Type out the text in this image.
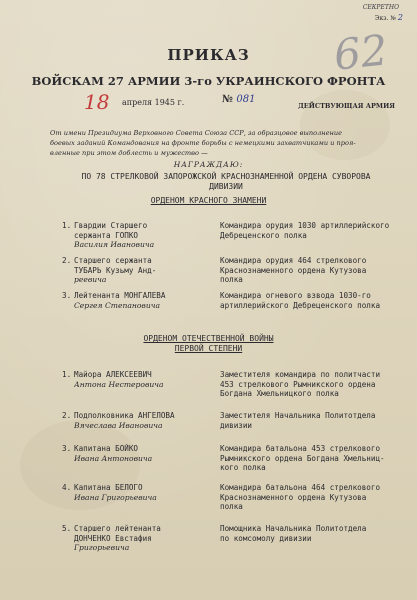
СЕКРЕТНО
Экз. № 2
62
ПРИКАЗ
ВОЙСКАМ 27 АРМИИ 3-го УКРАИНСКОГО ФРОНТА
18 апреля 1945 г.	№ 081
ДЕЙСТВУЮЩАЯ АРМИЯ
От имени Президиума Верховного Совета Союза ССР, за образцовое выполнение
боевых заданий Командования на фронте борьбы с немецкими захватчиками и проя-
вленные при этом доблесть и мужество —
НАГРАЖДАЮ:
ПО 78 СТРЕЛКОВОЙ ЗАПОРОЖСКОЙ КРАСНОЗНАМЕННОЙ ОРДЕНА СУВОРОВА
ДИВИЗИИ
ОРДЕНОМ КРАСНОГО ЗНАМЕНИ
1. Гвардии Старшего
сержанта ГОПКО
Василия Ивановича
Командира орудия 1030 артиллерийского
Дебреценского полка
2. Старшего сержанта
ТУБАРЬ Кузьму Анд-
реевича
Командира орудия 464 стрелкового
Краснознаменного ордена Кутузова
полка
3. Лейтенанта МОНГАЛЕВА
Сергея Степановича
Командира огневого взвода 1030-го
артиллерийского Дебреценского полка
ОРДЕНОМ ОТЕЧЕСТВЕННОЙ ВОЙНЫ
ПЕРВОЙ СТЕПЕНИ
1. Майора АЛЕКСЕЕВИЧ
Антона Нестеровича
Заместителя командира по политчасти
453 стрелкового Рымникского ордена
Богдана Хмельницкого полка
2. Подполковника АНГЕЛОВА
Вячеслава Ивановича
Заместителя Начальника Политотдела
дивизии
3. Капитана БОЙКО
Ивана Антоновича
Командира батальона 453 стрелкового
Рымникского ордена Богдана Хмельниц-
кого полка
4. Капитана БЕЛОГО
Ивана Григорьевича
Командира батальона 464 стрелкового
Краснознаменного ордена Кутузова
полка
5. Старшего лейтенанта
ДОНЧЕНКО Евстафия
Григорьевича
Помощника Начальника Политотдела
по комсомолу дивизии
